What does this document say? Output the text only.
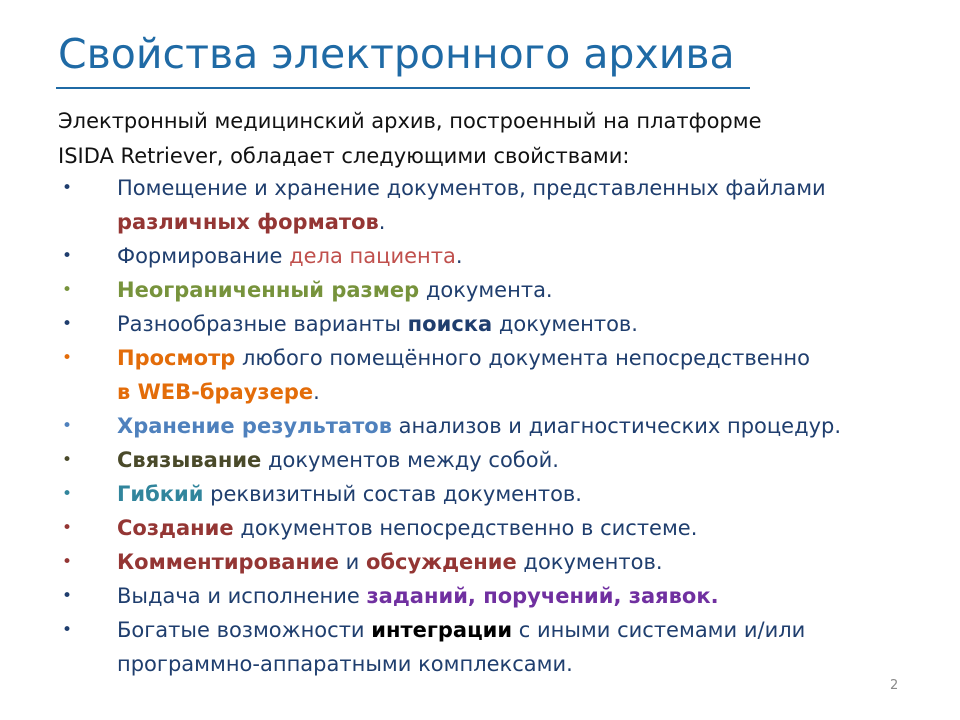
Свойства электронного архива
Электронный медицинский архив, построенный на платформе
ISIDA Retriever, обладает следующими свойствами:
• Помещение и хранение документов, представленных файлами
различных форматов.
• Формирование дела пациента.
• Неограниченный размер документа.
• Разнообразные варианты поиска документов.
• Просмотр любого помещённого документа непосредственно
в WEB-браузере.
• Хранение результатов анализов и диагностических процедур.
• Связывание документов между собой.
• Гибкий реквизитный состав документов.
• Создание документов непосредственно в системе.
• Комментирование и обсуждение документов.
• Выдача и исполнение заданий, поручений, заявок.
• Богатые возможности интеграции с иными системами и/или
программно-аппаратными комплексами.
2
